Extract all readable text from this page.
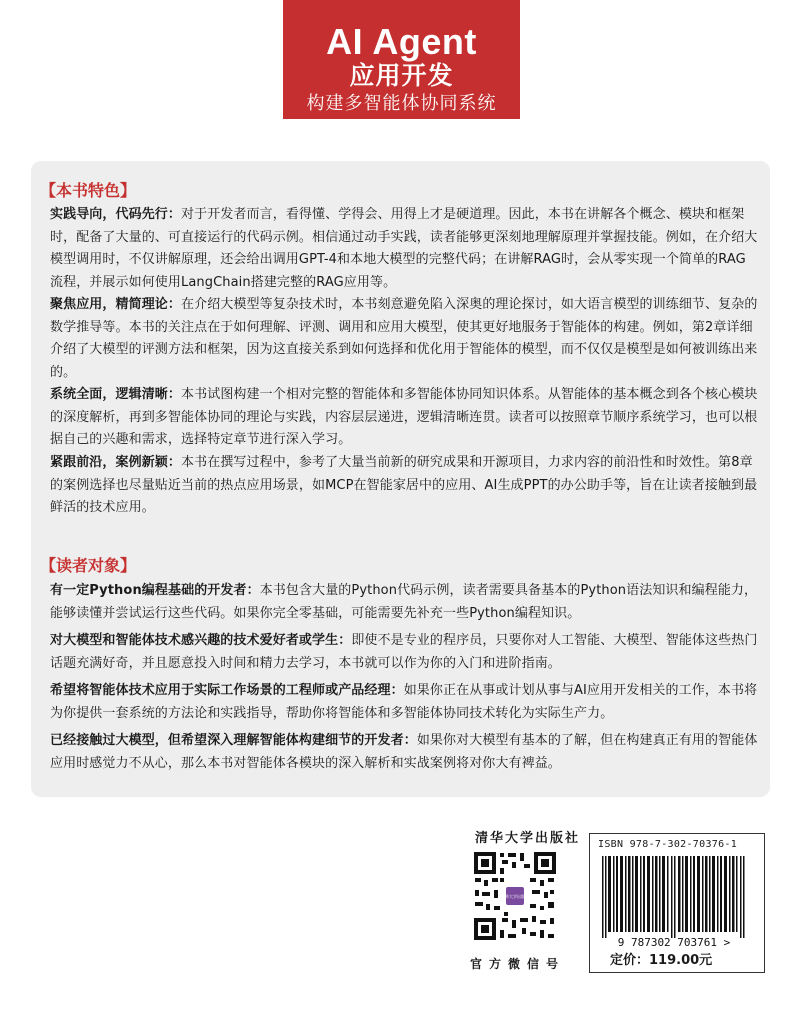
AI Agent
应用开发
构建多智能体协同系统
【本书特色】

实践导向，代码先行：对于开发者而言，看得懂、学得会、用得上才是硬道理。因此，本书在讲解各个概念、模块和框架时，配备了大量的、可直接运行的代码示例。相信通过动手实践，读者能够更深刻地理解原理并掌握技能。例如，在介绍大模型调用时，不仅讲解原理，还会给出调用GPT-4和本地大模型的完整代码；在讲解RAG时，会从零实现一个简单的RAG流程，并展示如何使用LangChain搭建完整的RAG应用等。

聚焦应用，精简理论：在介绍大模型等复杂技术时，本书刻意避免陷入深奥的理论探讨，如大语言模型的训练细节、复杂的数学推导等。本书的关注点在于如何理解、评测、调用和应用大模型，使其更好地服务于智能体的构建。例如，第2章详细介绍了大模型的评测方法和框架，因为这直接关系到如何选择和优化用于智能体的模型，而不仅仅是模型是如何被训练出来的。

系统全面，逻辑清晰：本书试图构建一个相对完整的智能体和多智能体协同知识体系。从智能体的基本概念到各个核心模块的深度解析，再到多智能体协同的理论与实践，内容层层递进，逻辑清晰连贯。读者可以按照章节顺序系统学习，也可以根据自己的兴趣和需求，选择特定章节进行深入学习。

紧跟前沿，案例新颖：本书在撰写过程中，参考了大量当前新的研究成果和开源项目，力求内容的前沿性和时效性。第8章的案例选择也尽量贴近当前的热点应用场景，如MCP在智能家居中的应用、AI生成PPT的办公助手等，旨在让读者接触到最鲜活的技术应用。

【读者对象】

有一定Python编程基础的开发者：本书包含大量的Python代码示例，读者需要具备基本的Python语法知识和编程能力，能够读懂并尝试运行这些代码。如果你完全零基础，可能需要先补充一些Python编程知识。

对大模型和智能体技术感兴趣的技术爱好者或学生：即使不是专业的程序员，只要你对人工智能、大模型、智能体这些热门话题充满好奇，并且愿意投入时间和精力去学习，本书就可以作为你的入门和进阶指南。

希望将智能体技术应用于实际工作场景的工程师或产品经理：如果你正在从事或计划从事与AI应用开发相关的工作，本书将为你提供一套系统的方法论和实践指导，帮助你将智能体和多智能体协同技术转化为实际生产力。

已经接触过大模型，但希望深入理解智能体构建细节的开发者：如果你对大模型有基本的了解，但在构建真正有用的智能体应用时感觉力不从心，那么本书对智能体各模块的深入解析和实战案例将对你大有裨益。

清华大学出版社
清华大学出版社
官方微信号
ISBN 978-7-302-70376-1
9 787302 703761 >
定价：119.00元
